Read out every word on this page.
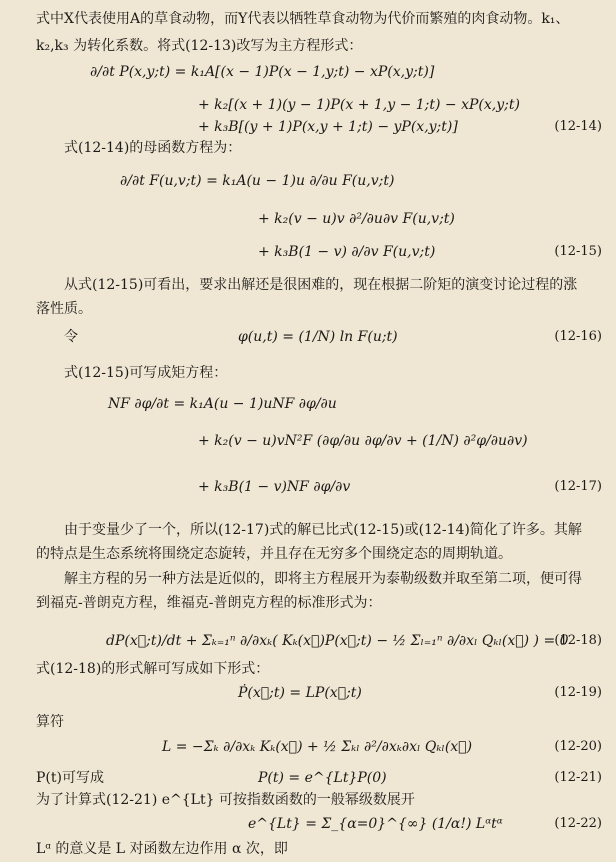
式中X代表使用A的草食动物，而Y代表以牺牲草食动物为代价而繁殖的肉食动物。k₁、
k₂,k₃ 为转化系数。将式(12-13)改写为主方程形式：
∂/∂t P(x,y;t) = k₁A[(x − 1)P(x − 1,y;t) − xP(x,y;t)]
+ k₂[(x + 1)(y − 1)P(x + 1,y − 1;t) − xP(x,y;t)
+ k₃B[(y + 1)P(x,y + 1;t) − yP(x,y;t)]	(12-14)
式(12-14)的母函数方程为：
∂/∂t F(u,v;t) = k₁A(u − 1)u ∂/∂u F(u,v;t)
+ k₂(v − u)v ∂²/∂u∂v F(u,v;t)
+ k₃B(1 − v) ∂/∂v F(u,v;t)	(12-15)
从式(12-15)可看出，要求出解还是很困难的，现在根据二阶矩的演变讨论过程的涨
落性质。
令	φ(u,t) = (1/N) ln F(u;t)	(12-16)
式(12-15)可写成矩方程：
NF ∂φ/∂t = k₁A(u − 1)uNF ∂φ/∂u
+ k₂(v − u)vN²F (∂φ/∂u ∂φ/∂v + (1/N) ∂²φ/∂u∂v)
+ k₃B(1 − v)NF ∂φ/∂v	(12-17)
由于变量少了一个，所以(12-17)式的解已比式(12-15)或(12-14)简化了许多。其解
的特点是生态系统将围绕定态旋转，并且存在无穷多个围绕定态的周期轨道。
解主方程的另一种方法是近似的，即将主方程展开为泰勒级数并取至第二项，便可得
到福克-普朗克方程，维福克-普朗克方程的标准形式为：
dP(x⃗;t)/dt + Σₖ₌₁ⁿ ∂/∂xₖ( Kₖ(x⃗)P(x⃗;t) − ½ Σₗ₌₁ⁿ ∂/∂xₗ Qₖₗ(x⃗) ) = 0
(12-18)
式(12-18)的形式解可写成如下形式：
Ṗ(x⃗;t) = LP(x⃗;t)	(12-19)
算符
L = −Σₖ ∂/∂xₖ Kₖ(x⃗) + ½ Σₖₗ ∂²/∂xₖ∂xₗ Qₖₗ(x⃗)	(12-20)
P(t)可写成	P(t) = e^{Lt}P(0)	(12-21)
为了计算式(12-21) e^{Lt} 可按指数函数的一般幂级数展开
e^{Lt} = Σ_{α=0}^{∞} (1/α!) Lᵅtᵅ	(12-22)
Lᵅ 的意义是 L 对函数左边作用 α 次，即
